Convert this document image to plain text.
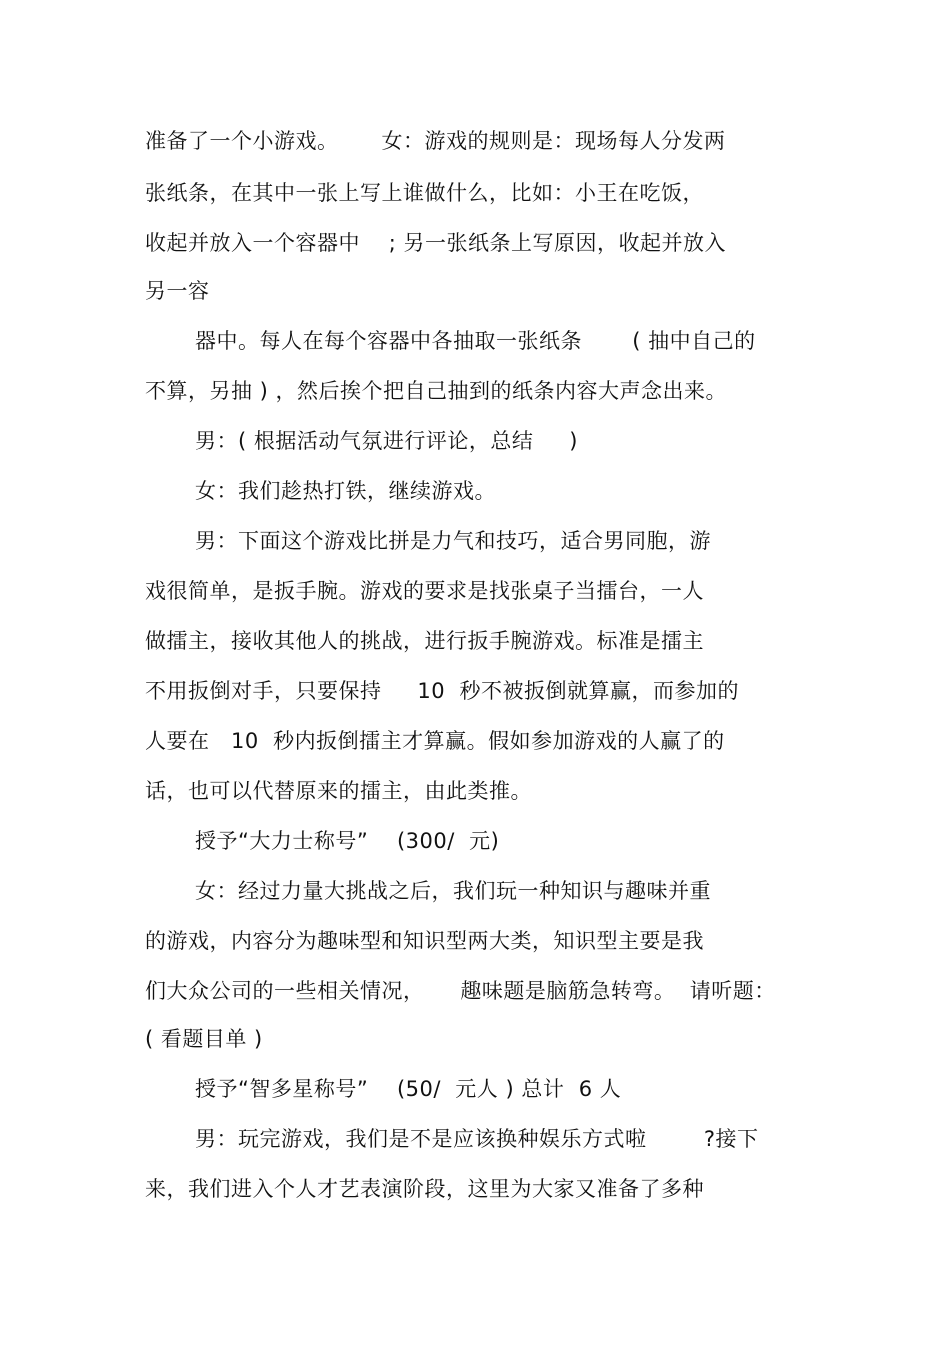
准备了一个小游戏。      女：游戏的规则是：现场每人分发两
张纸条，在其中一张上写上谁做什么，比如：小王在吃饭，
收起并放入一个容器中    ; 另一张纸条上写原因，收起并放入
另一容
器中。每人在每个容器中各抽取一张纸条       ( 抽中自己的
不算，另抽 ) ，然后挨个把自己抽到的纸条内容大声念出来。
男：( 根据活动气氛进行评论，总结     )
女：我们趁热打铁，继续游戏。
男：下面这个游戏比拼是力气和技巧，适合男同胞，游
戏很简单，是扳手腕。游戏的要求是找张桌子当擂台，一人
做擂主，接收其他人的挑战，进行扳手腕游戏。标准是擂主
不用扳倒对手，只要保持     10  秒不被扳倒就算赢，而参加的
人要在   10  秒内扳倒擂主才算赢。假如参加游戏的人赢了的
话，也可以代替原来的擂主，由此类推。
授予“大力士称号”    (300/  元)
女：经过力量大挑战之后，我们玩一种知识与趣味并重
的游戏，内容分为趣味型和知识型两大类，知识型主要是我
们大众公司的一些相关情况，     趣味题是脑筋急转弯。  请听题：
( 看题目单 )
授予“智多星称号”    (50/  元人 ) 总计  6 人
男：玩完游戏，我们是不是应该换种娱乐方式啦        ?接下
来，我们进入个人才艺表演阶段，这里为大家又准备了多种
